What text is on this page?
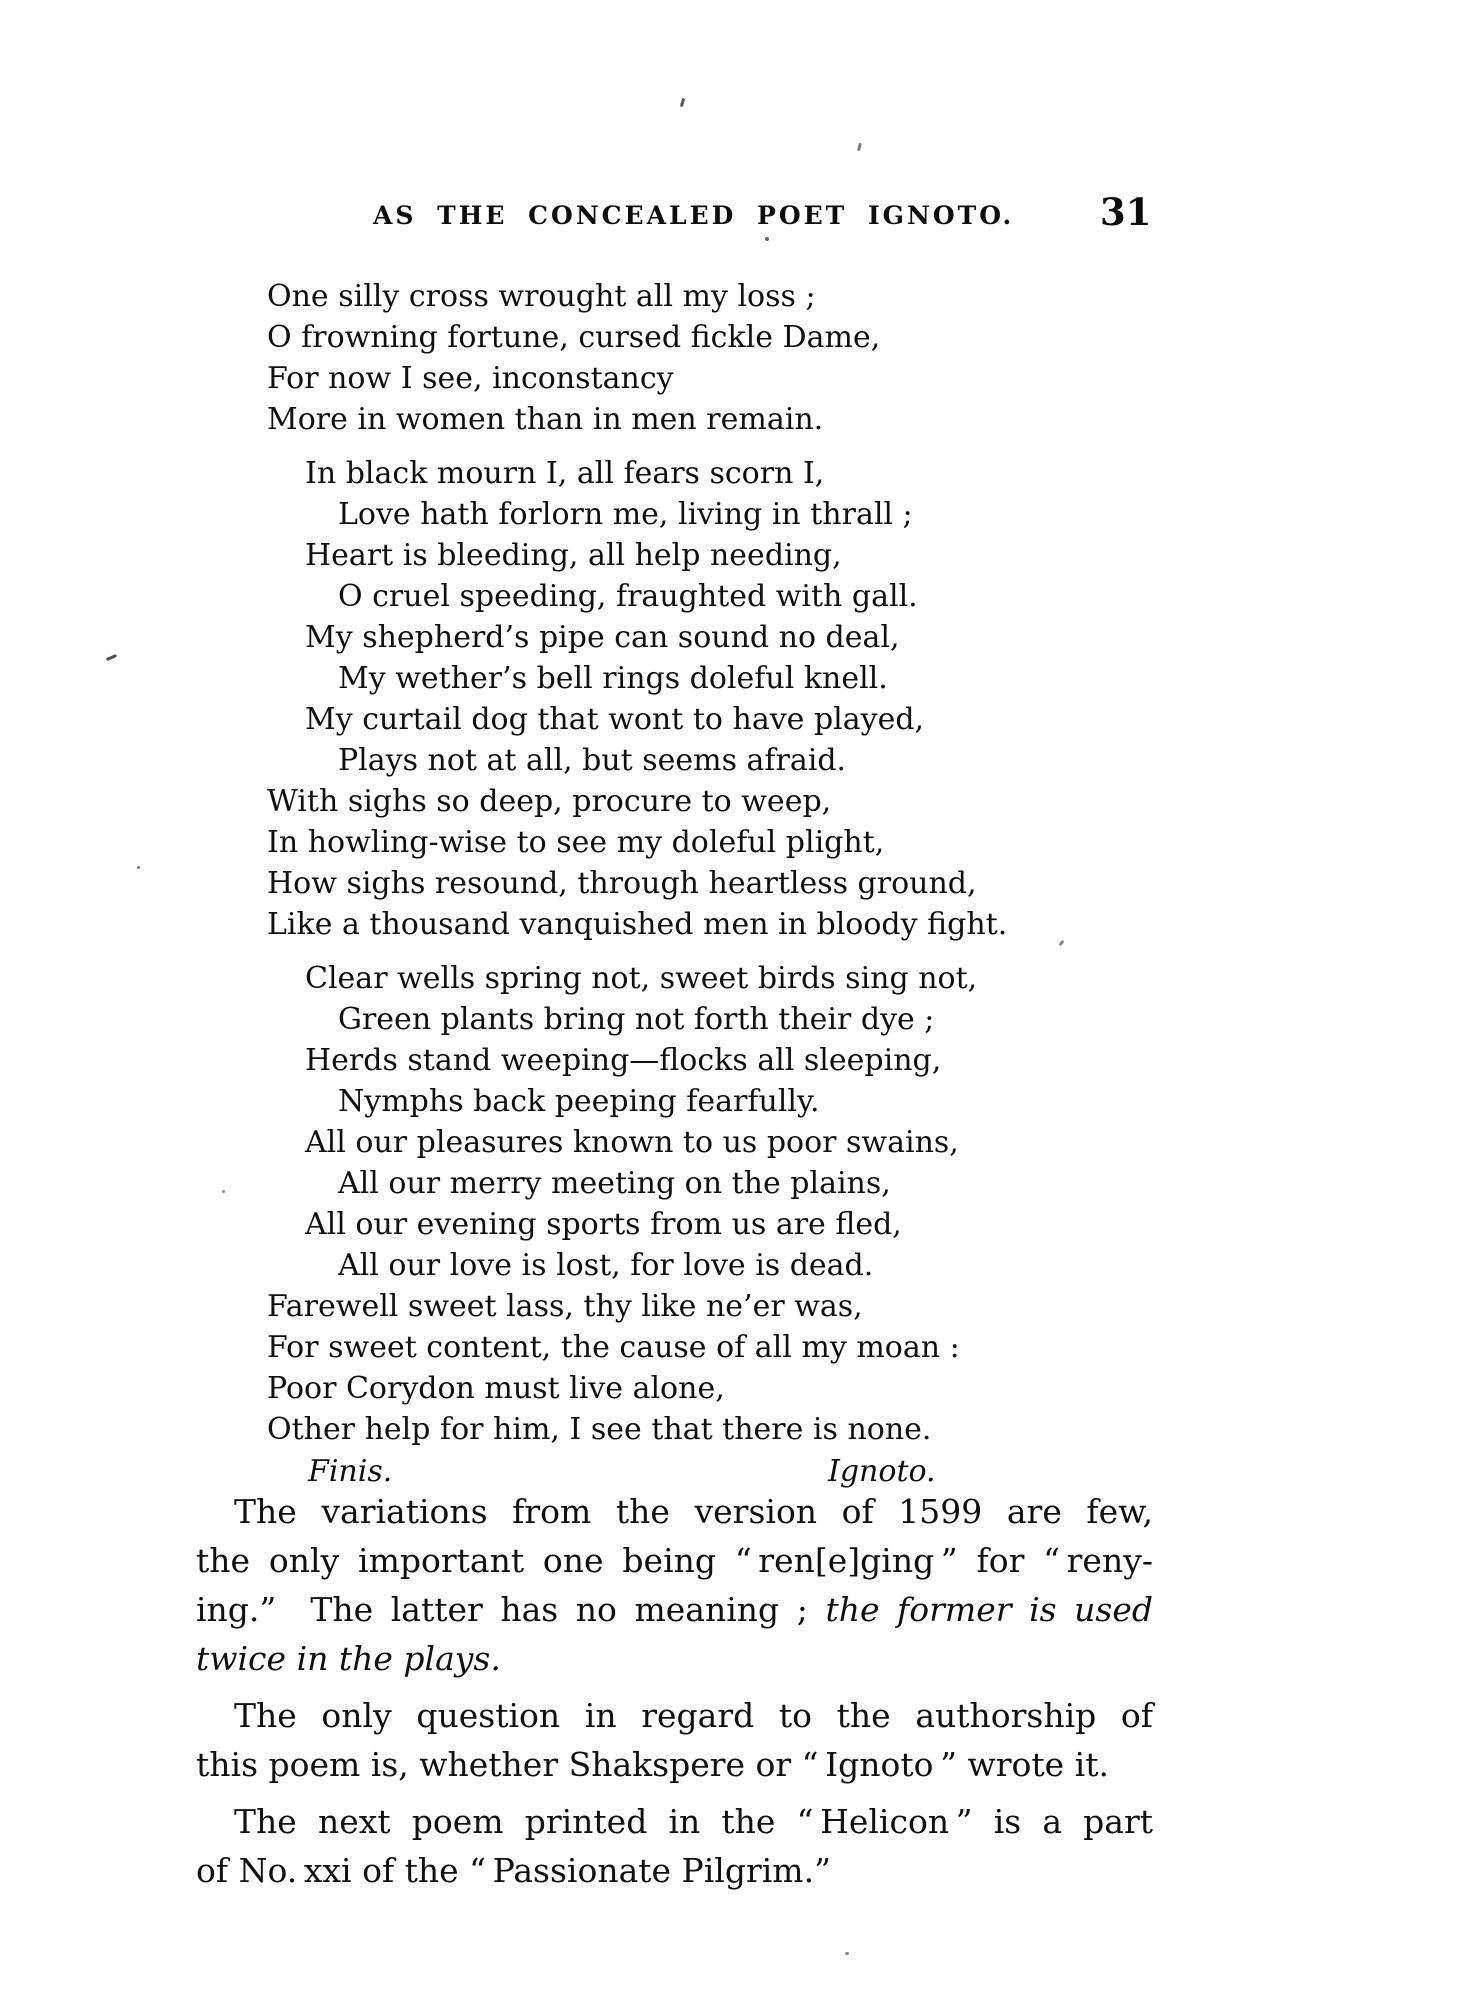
AS THE CONCEALED POET IGNOTO. 31
One silly cross wrought all my loss ;
O frowning fortune, cursed fickle Dame,
For now I see, inconstancy
More in women than in men remain.
In black mourn I, all fears scorn I,
Love hath forlorn me, living in thrall ;
Heart is bleeding, all help needing,
O cruel speeding, fraughted with gall.
My shepherd’s pipe can sound no deal,
My wether’s bell rings doleful knell.
My curtail dog that wont to have played,
Plays not at all, but seems afraid.
With sighs so deep, procure to weep,
In howling-wise to see my doleful plight,
How sighs resound, through heartless ground,
Like a thousand vanquished men in bloody fight.
Clear wells spring not, sweet birds sing not,
Green plants bring not forth their dye ;
Herds stand weeping—flocks all sleeping,
Nymphs back peeping fearfully.
All our pleasures known to us poor swains,
All our merry meeting on the plains,
All our evening sports from us are fled,
All our love is lost, for love is dead.
Farewell sweet lass, thy like ne’er was,
For sweet content, the cause of all my moan :
Poor Corydon must live alone,
Other help for him, I see that there is none.
Finis.	Ignoto.
The variations from the version of 1599 are few,
the only important one being “ ren[e]ging ” for “ reny-
ing.”  The latter has no meaning ; the former is used
twice in the plays.
The only question in regard to the authorship of
this poem is, whether Shakspere or “ Ignoto ” wrote it.
The next poem printed in the “ Helicon ” is a part
of No. xxi of the “ Passionate Pilgrim.”
